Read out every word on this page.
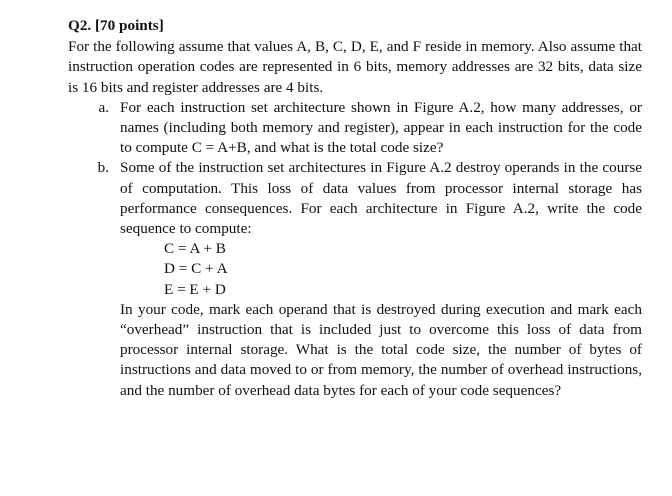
Q2. [70 points]

For the following assume that values A, B, C, D, E, and F reside in memory. Also assume that instruction operation codes are represented in 6 bits, memory addresses are 32 bits, data size is 16 bits and register addresses are 4 bits.

a. For each instruction set architecture shown in Figure A.2, how many addresses, or names (including both memory and register), appear in each instruction for the code to compute C = A+B, and what is the total code size?

b. Some of the instruction set architectures in Figure A.2 destroy operands in the course of computation. This loss of data values from processor internal storage has performance consequences. For each architecture in Figure A.2, write the code sequence to compute:

C = A + B
D = C + A
E = E + D

In your code, mark each operand that is destroyed during execution and mark each “overhead” instruction that is included just to overcome this loss of data from processor internal storage. What is the total code size, the number of bytes of instructions and data moved to or from memory, the number of overhead instructions, and the number of overhead data bytes for each of your code sequences?
